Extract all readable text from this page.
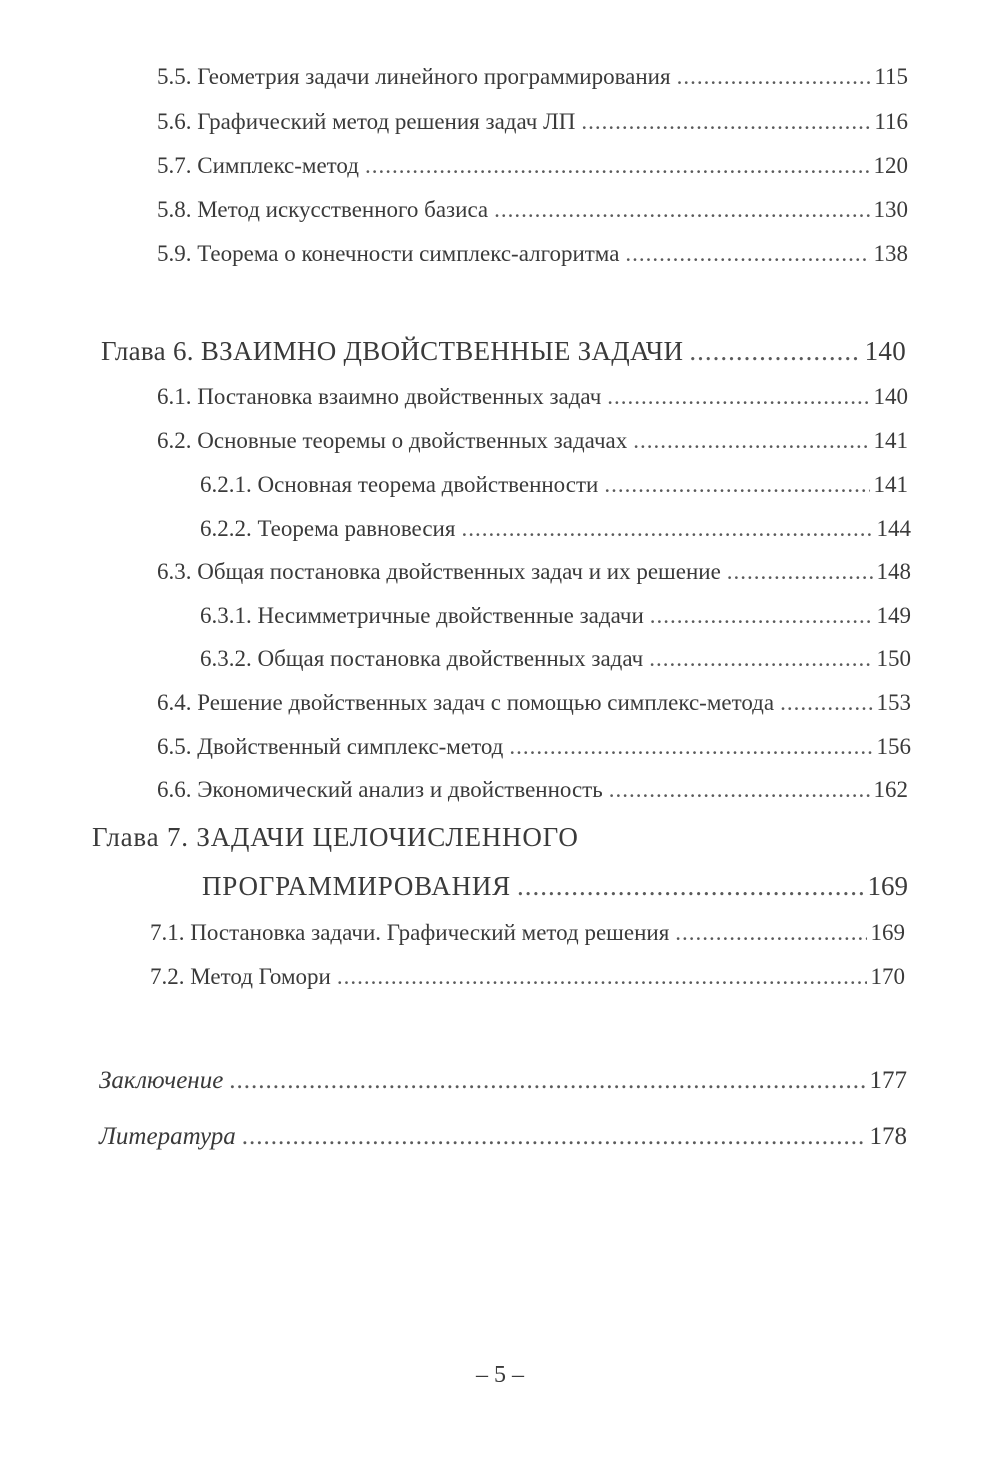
5.5. Геометрия задачи линейного программирования .....	115
5.6. Графический метод решения задач ЛП .....	116
5.7. Симплекс-метод .....	120
5.8. Метод искусственного базиса .....	130
5.9. Теорема о конечности симплекс-алгоритма .....	138
Глава 6. ВЗАИМНО ДВОЙСТВЕННЫЕ ЗАДАЧИ .....	140
6.1. Постановка взаимно двойственных задач .....	140
6.2. Основные теоремы о двойственных задачах .....	141
6.2.1. Основная теорема двойственности .....	141
6.2.2. Теорема равновесия .....	144
6.3. Общая постановка двойственных задач и их решение .....	148
6.3.1. Несимметричные двойственные задачи .....	149
6.3.2. Общая постановка двойственных задач .....	150
6.4. Решение двойственных задач с помощью симплекс-метода .....	153
6.5. Двойственный симплекс-метод .....	156
6.6. Экономический анализ и двойственность .....	162
Глава 7. ЗАДАЧИ ЦЕЛОЧИСЛЕННОГО
ПРОГРАММИРОВАНИЯ .....	169
7.1. Постановка задачи. Графический метод решения .....	169
7.2. Метод Гомори .....	170
Заключение .....	177
Литература .....	178
– 5 –
